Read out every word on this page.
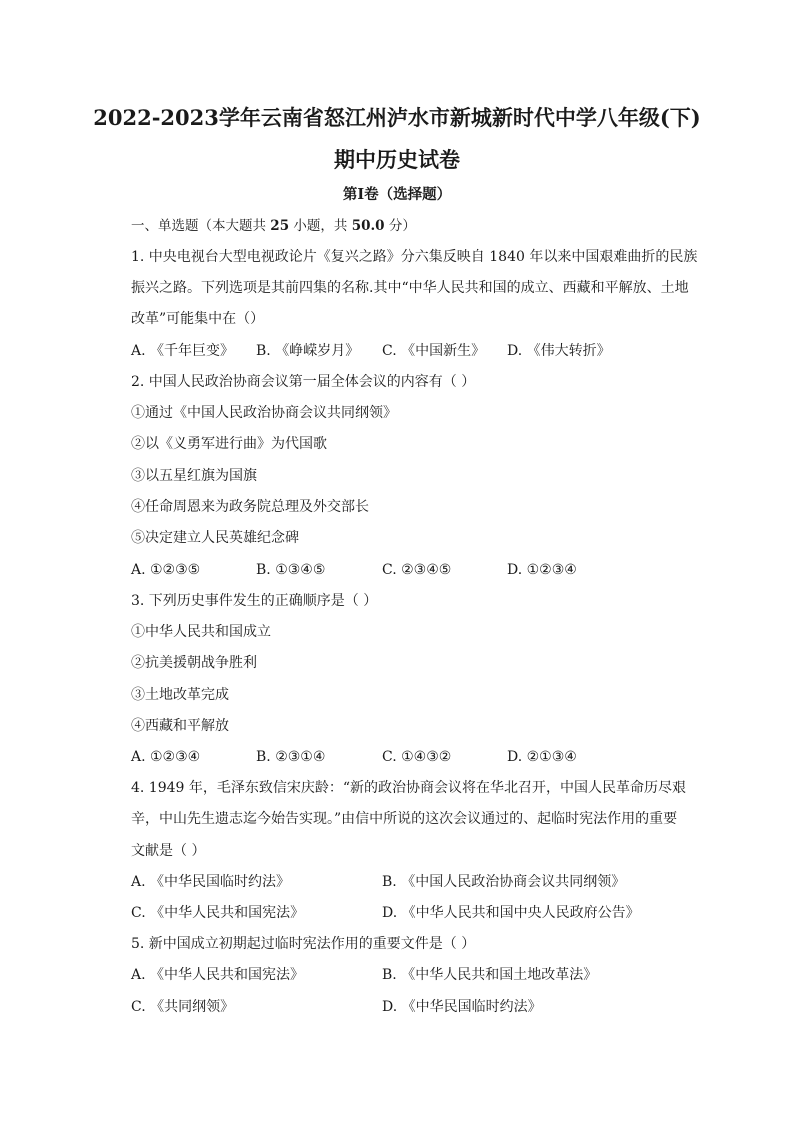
2022-2023学年云南省怒江州泸水市新城新时代中学八年级(下)
期中历史试卷
第Ⅰ卷（选择题）
一、单选题（本大题共 25 小题，共 50.0 分）
1. 中央电视台大型电视政论片《复兴之路》分六集反映自 1840 年以来中国艰难曲折的民族
振兴之路。下列选项是其前四集的名称.其中“中华人民共和国的成立、西藏和平解放、土地
改革”可能集中在（）
A. 《千年巨变》 B. 《峥嵘岁月》 C. 《中国新生》 D. 《伟大转折》
2. 中国人民政治协商会议第一届全体会议的内容有（ ）
①通过《中国人民政治协商会议共同纲领》
②以《义勇军进行曲》为代国歌
③以五星红旗为国旗
④任命周恩来为政务院总理及外交部长
⑤决定建立人民英雄纪念碑
A. ①②③⑤	B. ①③④⑤	C. ②③④⑤	D. ①②③④
3. 下列历史事件发生的正确顺序是（ ）
①中华人民共和国成立
②抗美援朝战争胜利
③土地改革完成
④西藏和平解放
A. ①②③④	B. ②③①④	C. ①④③②	D. ②①③④
4. 1949 年，毛泽东致信宋庆龄：“新的政治协商会议将在华北召开，中国人民革命历尽艰
辛，中山先生遗志迄今始告实现。”由信中所说的这次会议通过的、起临时宪法作用的重要
文献是（ ）
A. 《中华民国临时约法》	B. 《中国人民政治协商会议共同纲领》
C. 《中华人民共和国宪法》	D. 《中华人民共和国中央人民政府公告》
5. 新中国成立初期起过临时宪法作用的重要文件是（ ）
A. 《中华人民共和国宪法》	B. 《中华人民共和国土地改革法》
C. 《共同纲领》	D. 《中华民国临时约法》
